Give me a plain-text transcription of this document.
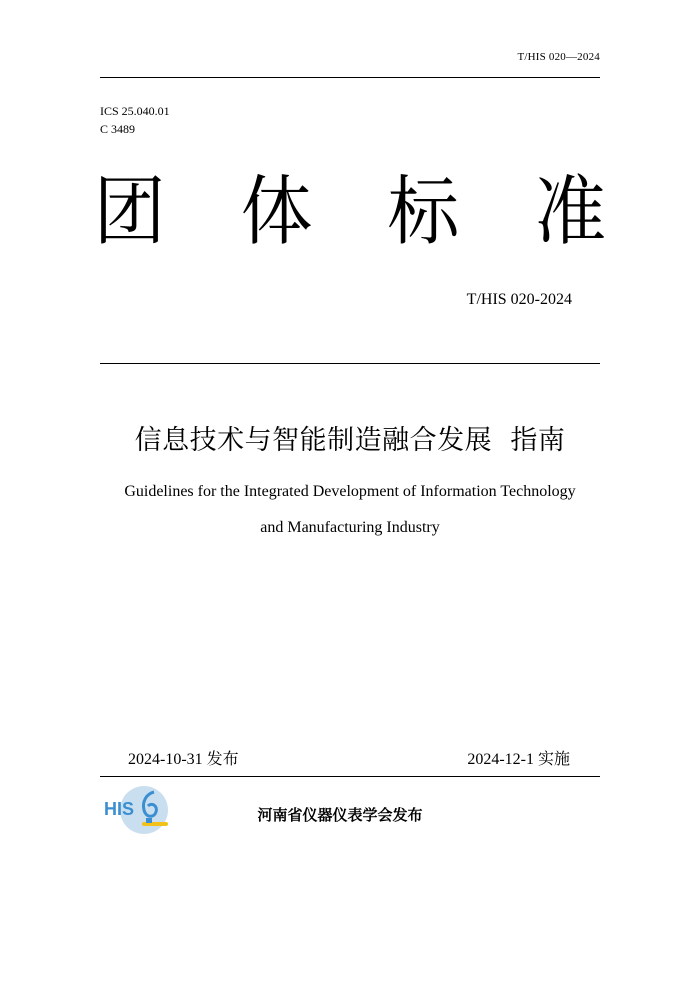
T/HIS 020—2024
ICS 25.040.01
C 3489
团 体 标 准
T/HIS 020-2024
信息技术与智能制造融合发展  指南
Guidelines for the Integrated Development of Information Technology
and Manufacturing Industry
2024-10-31 发布	2024-12-1 实施
HIS	河南省仪器仪表学会发布
